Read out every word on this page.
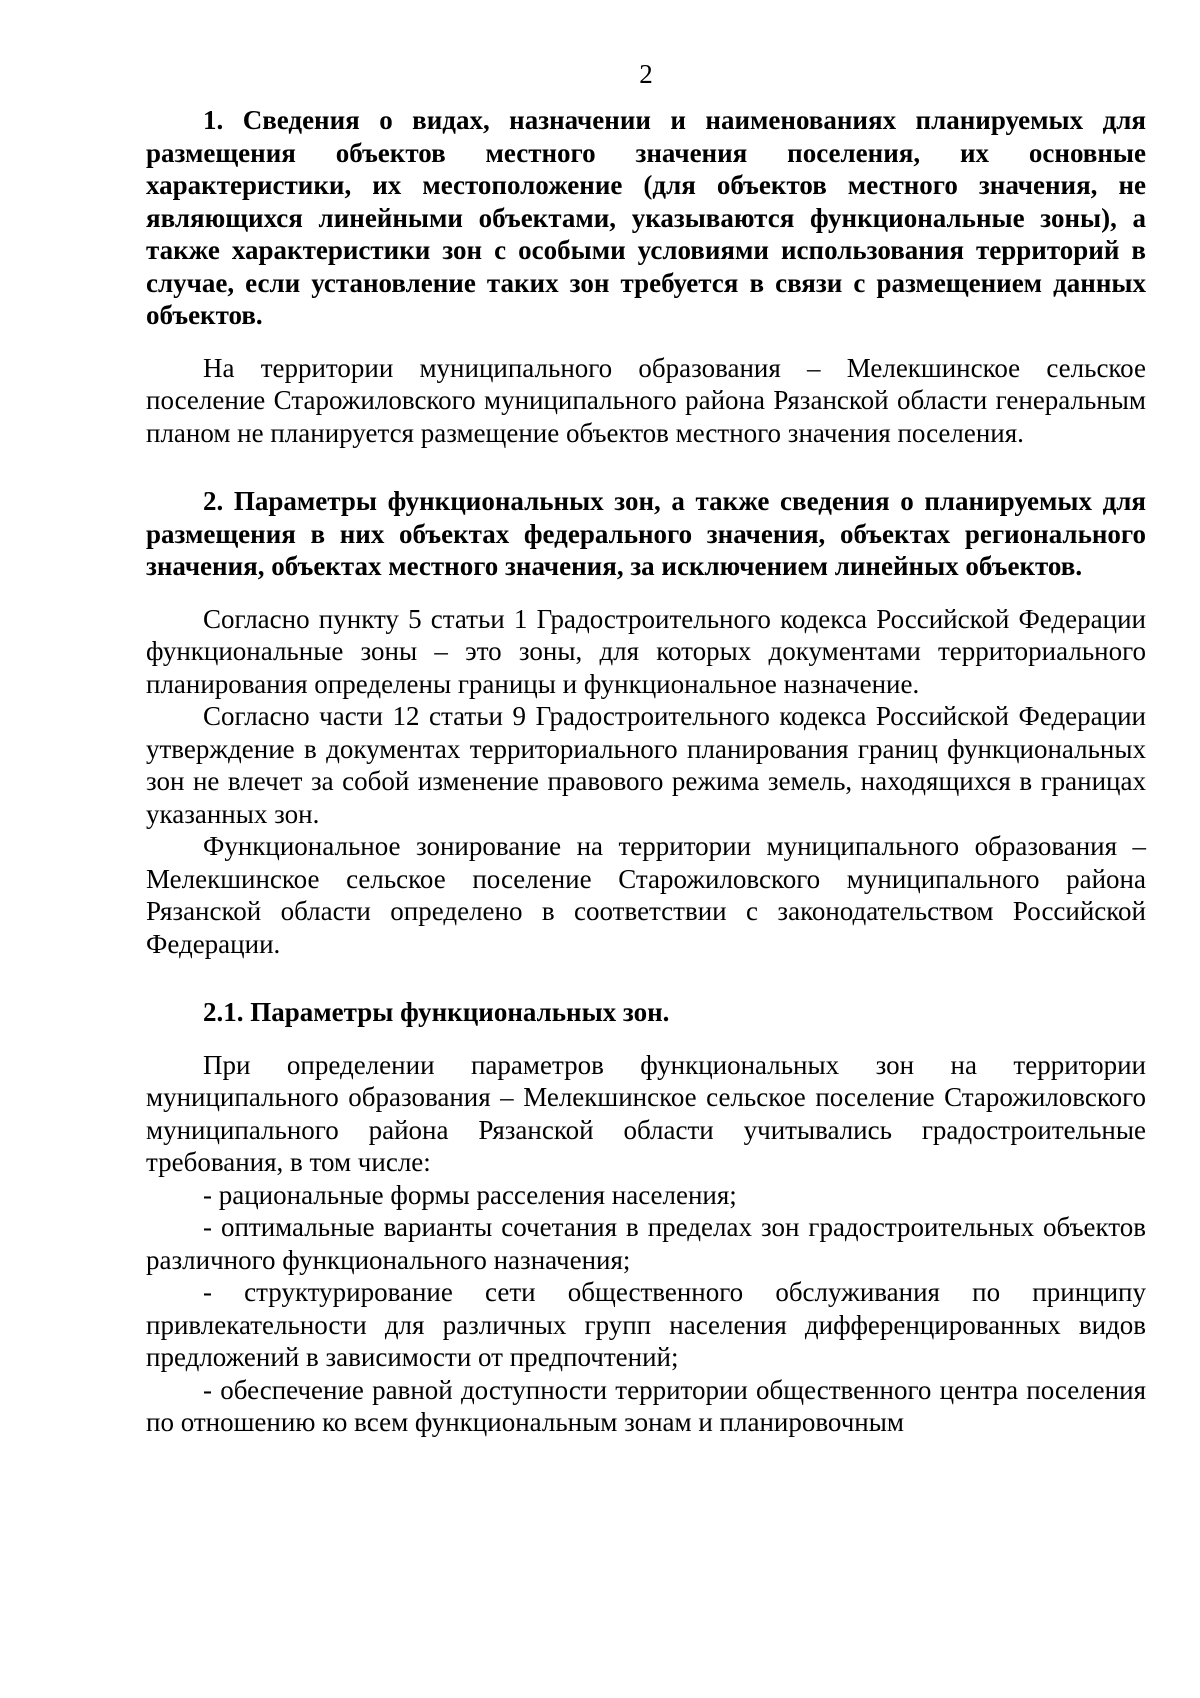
2

1. Сведения о видах, назначении и наименованиях планируемых для размещения объектов местного значения поселения, их основные характеристики, их местоположение (для объектов местного значения, не являющихся линейными объектами, указываются функциональные зоны), а также характеристики зон с особыми условиями использования территорий в случае, если установление таких зон требуется в связи с размещением данных объектов.

На территории муниципального образования – Мелекшинское сельское поселение Старожиловского муниципального района Рязанской области генеральным планом не планируется размещение объектов местного значения поселения.

2. Параметры функциональных зон, а также сведения о планируемых для размещения в них объектах федерального значения, объектах регионального значения, объектах местного значения, за исключением линейных объектов.

Согласно пункту 5 статьи 1 Градостроительного кодекса Российской Федерации функциональные зоны – это зоны, для которых документами территориального планирования определены границы и функциональное назначение.

Согласно части 12 статьи 9 Градостроительного кодекса Российской Федерации утверждение в документах территориального планирования границ функциональных зон не влечет за собой изменение правового режима земель, находящихся в границах указанных зон.

Функциональное зонирование на территории муниципального образования – Мелекшинское сельское поселение Старожиловского муниципального района Рязанской области определено в соответствии с законодательством Российской Федерации.

2.1. Параметры функциональных зон.

При определении параметров функциональных зон на территории муниципального образования – Мелекшинское сельское поселение Старожиловского муниципального района Рязанской области учитывались градостроительные требования, в том числе:

- рациональные формы расселения населения;

- оптимальные варианты сочетания в пределах зон градостроительных объектов различного функционального назначения;

- структурирование сети общественного обслуживания по принципу привлекательности для различных групп населения дифференцированных видов предложений в зависимости от предпочтений;

- обеспечение равной доступности территории общественного центра поселения по отношению ко всем функциональным зонам и планировочным
